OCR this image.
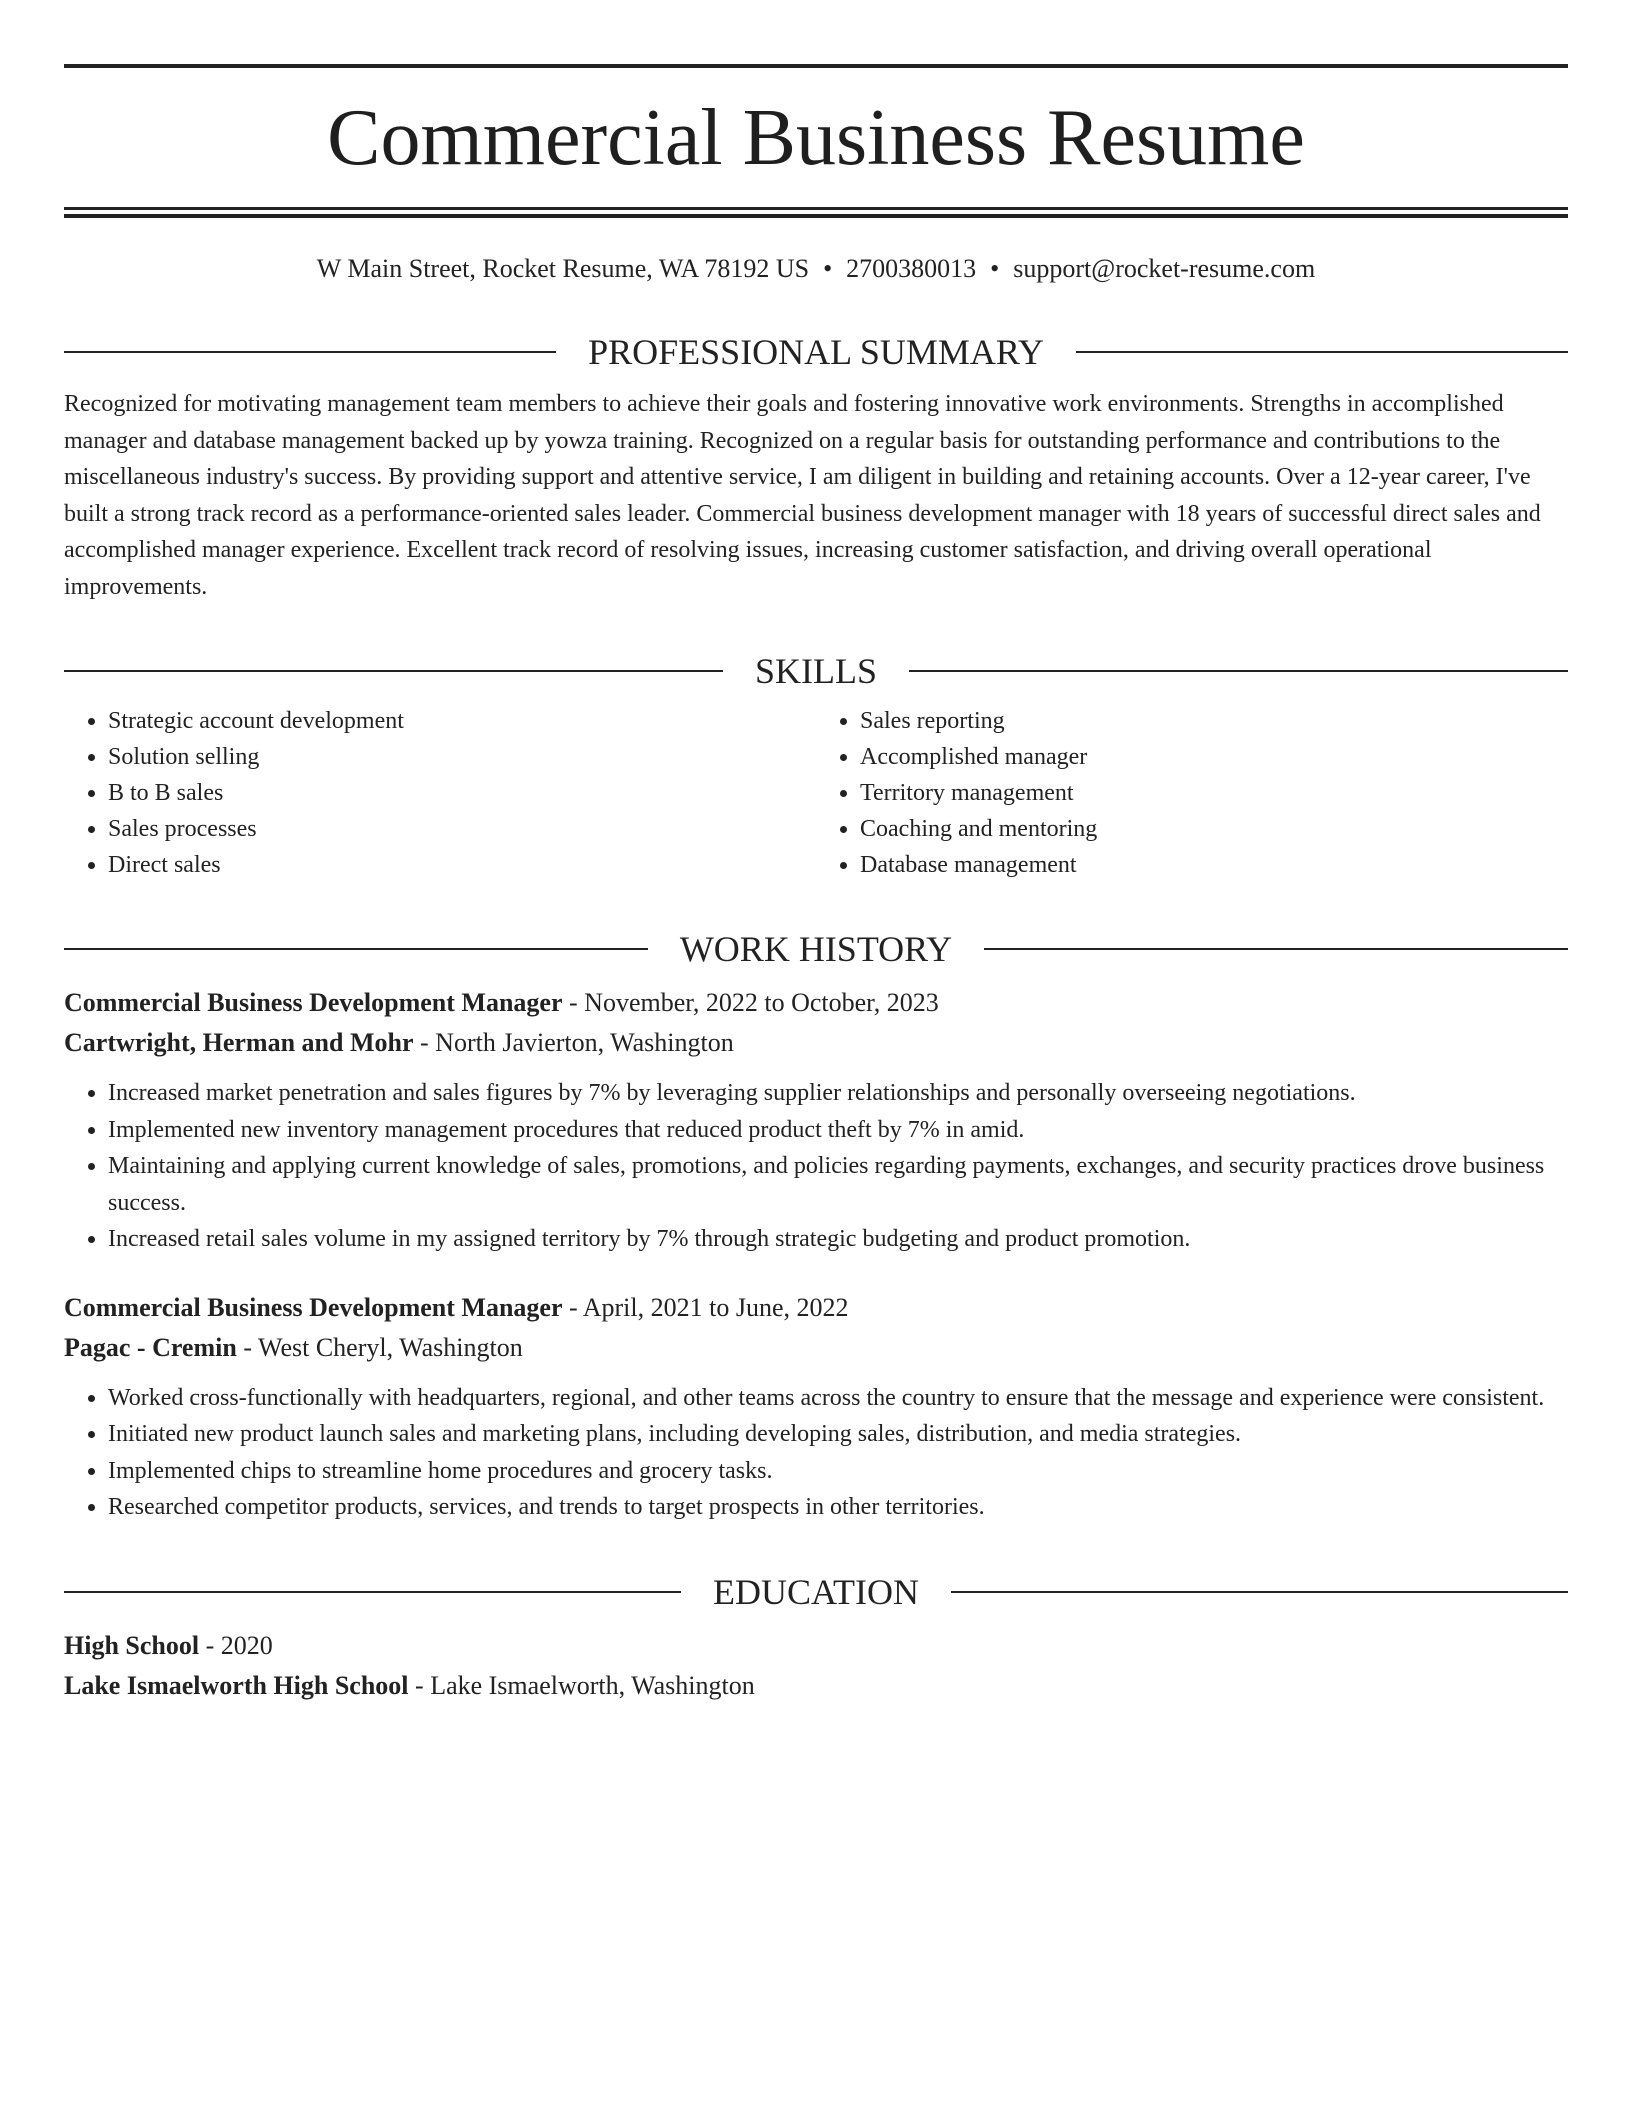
Commercial Business Resume
W Main Street, Rocket Resume, WA 78192 US • 2700380013 • support@rocket-resume.com
PROFESSIONAL SUMMARY

Recognized for motivating management team members to achieve their goals and fostering innovative work environments. Strengths in accomplished manager and database management backed up by yowza training. Recognized on a regular basis for outstanding performance and contributions to the miscellaneous industry's success. By providing support and attentive service, I am diligent in building and retaining accounts. Over a 12-year career, I've built a strong track record as a performance-oriented sales leader. Commercial business development manager with 18 years of successful direct sales and accomplished manager experience. Excellent track record of resolving issues, increasing customer satisfaction, and driving overall operational improvements.

SKILLS
• Strategic account development
• Solution selling
• B to B sales
• Sales processes
• Direct sales
• Sales reporting
• Accomplished manager
• Territory management
• Coaching and mentoring
• Database management
WORK HISTORY
Commercial Business Development Manager - November, 2022 to October, 2023
Cartwright, Herman and Mohr - North Javierton, Washington
• Increased market penetration and sales figures by 7% by leveraging supplier relationships and personally overseeing negotiations.
• Implemented new inventory management procedures that reduced product theft by 7% in amid.
• Maintaining and applying current knowledge of sales, promotions, and policies regarding payments, exchanges, and security practices drove business success.
• Increased retail sales volume in my assigned territory by 7% through strategic budgeting and product promotion.
Commercial Business Development Manager - April, 2021 to June, 2022
Pagac - Cremin - West Cheryl, Washington
• Worked cross-functionally with headquarters, regional, and other teams across the country to ensure that the message and experience were consistent.
• Initiated new product launch sales and marketing plans, including developing sales, distribution, and media strategies.
• Implemented chips to streamline home procedures and grocery tasks.
• Researched competitor products, services, and trends to target prospects in other territories.
EDUCATION
High School - 2020
Lake Ismaelworth High School - Lake Ismaelworth, Washington
